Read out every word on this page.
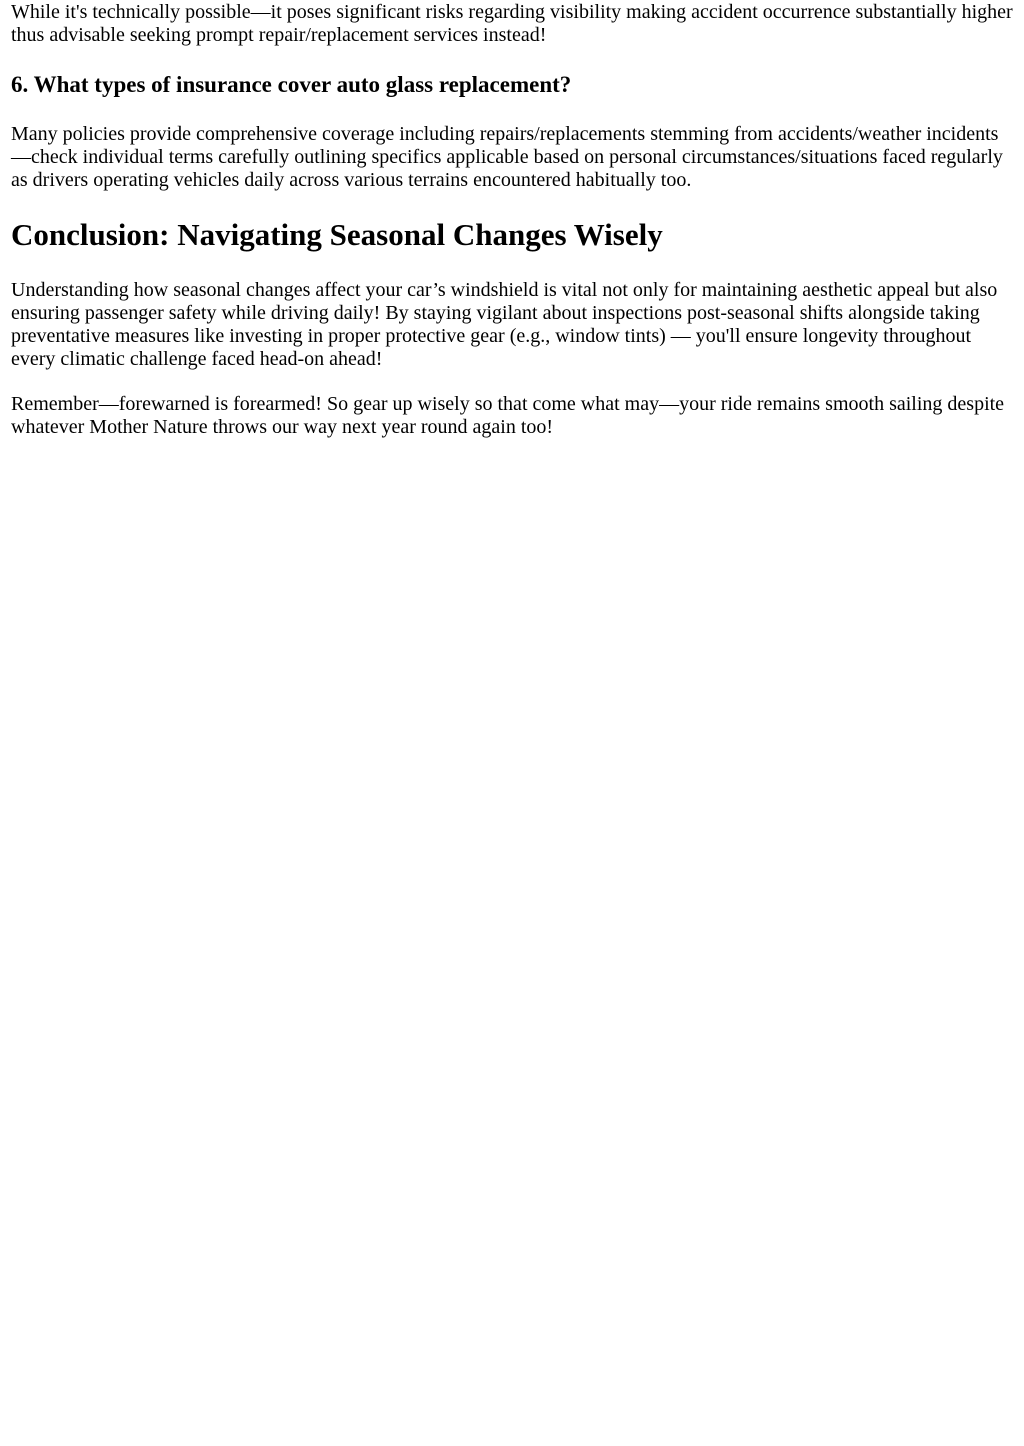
While it's technically possible—it poses significant risks regarding visibility making accident occurrence substantially higher thus advisable seeking prompt repair/replacement services instead!

6. What types of insurance cover auto glass replacement?

Many policies provide comprehensive coverage including repairs/replacements stemming from accidents/weather incidents—check individual terms carefully outlining specifics applicable based on personal circumstances/situations faced regularly as drivers operating vehicles daily across various terrains encountered habitually too.

Conclusion: Navigating Seasonal Changes Wisely

Understanding how seasonal changes affect your car’s windshield is vital not only for maintaining aesthetic appeal but also ensuring passenger safety while driving daily! By staying vigilant about inspections post-seasonal shifts alongside taking preventative measures like investing in proper protective gear (e.g., window tints) — you'll ensure longevity throughout every climatic challenge faced head-on ahead!

Remember—forewarned is forearmed! So gear up wisely so that come what may—your ride remains smooth sailing despite whatever Mother Nature throws our way next year round again too!
